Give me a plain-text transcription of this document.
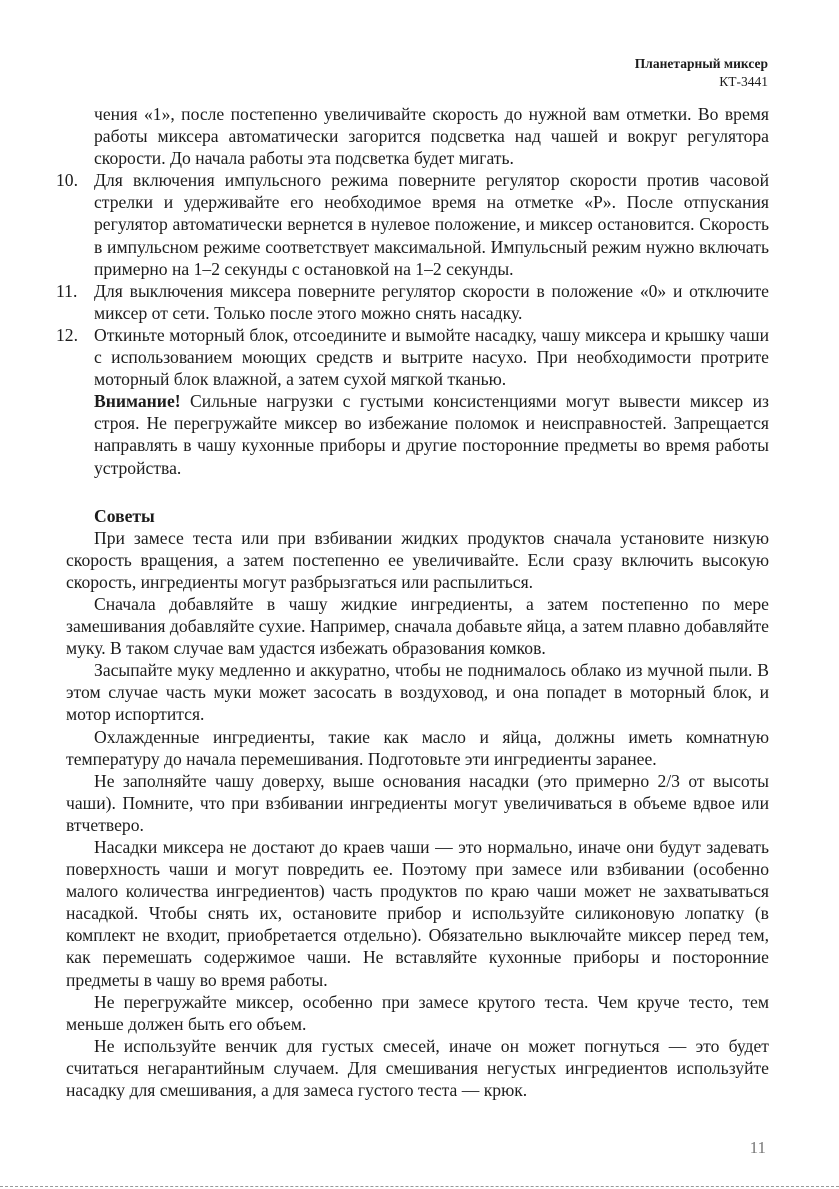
Планетарный миксер
КТ-3441

чения «1», после постепенно увеличивайте скорость до нужной вам отметки. Во время работы миксера автоматически загорится подсветка над чашей и вокруг регулятора скорости. До начала работы эта подсветка будет мигать.

10. Для включения импульсного режима поверните регулятор скорости против часовой стрелки и удерживайте его необходимое время на отметке «P». После отпускания регулятор автоматически вернется в нулевое положение, и миксер остановится. Скорость в импульсном режиме соответствует максимальной. Импульсный режим нужно включать примерно на 1–2 секунды с остановкой на 1–2 секунды.

11. Для выключения миксера поверните регулятор скорости в положение «0» и отключите миксер от сети. Только после этого можно снять насадку.

12. Откиньте моторный блок, отсоедините и вымойте насадку, чашу миксера и крышку чаши с использованием моющих средств и вытрите насухо. При необходимости протрите моторный блок влажной, а затем сухой мягкой тканью.

Внимание! Сильные нагрузки с густыми консистенциями могут вывести миксер из строя. Не перегружайте миксер во избежание поломок и неисправностей. Запрещается направлять в чашу кухонные приборы и другие посторонние предметы во время работы устройства.

Советы

При замесе теста или при взбивании жидких продуктов сначала установите низкую скорость вращения, а затем постепенно ее увеличивайте. Если сразу включить высокую скорость, ингредиенты могут разбрызгаться или распылиться.

Сначала добавляйте в чашу жидкие ингредиенты, а затем постепенно по мере замешивания добавляйте сухие. Например, сначала добавьте яйца, а затем плавно добавляйте муку. В таком случае вам удастся избежать образования комков.

Засыпайте муку медленно и аккуратно, чтобы не поднималось облако из мучной пыли. В этом случае часть муки может засосать в воздуховод, и она попадет в моторный блок, и мотор испортится.

Охлажденные ингредиенты, такие как масло и яйца, должны иметь комнатную температуру до начала перемешивания. Подготовьте эти ингредиенты заранее.

Не заполняйте чашу доверху, выше основания насадки (это примерно 2/3 от высоты чаши). Помните, что при взбивании ингредиенты могут увеличиваться в объеме вдвое или втчетверо.

Насадки миксера не достают до краев чаши — это нормально, иначе они будут задевать поверхность чаши и могут повредить ее. Поэтому при замесе или взбивании (особенно малого количества ингредиентов) часть продуктов по краю чаши может не захватываться насадкой. Чтобы снять их, остановите прибор и используйте силиконовую лопатку (в комплект не входит, приобретается отдельно). Обязательно выключайте миксер перед тем, как перемешать содержимое чаши. Не вставляйте кухонные приборы и посторонние предметы в чашу во время работы.

Не перегружайте миксер, особенно при замесе крутого теста. Чем круче тесто, тем меньше должен быть его объем.

Не используйте венчик для густых смесей, иначе он может погнуться — это будет считаться негарантийным случаем. Для смешивания негустых ингредиентов используйте насадку для смешивания, а для замеса густого теста — крюк.

11
